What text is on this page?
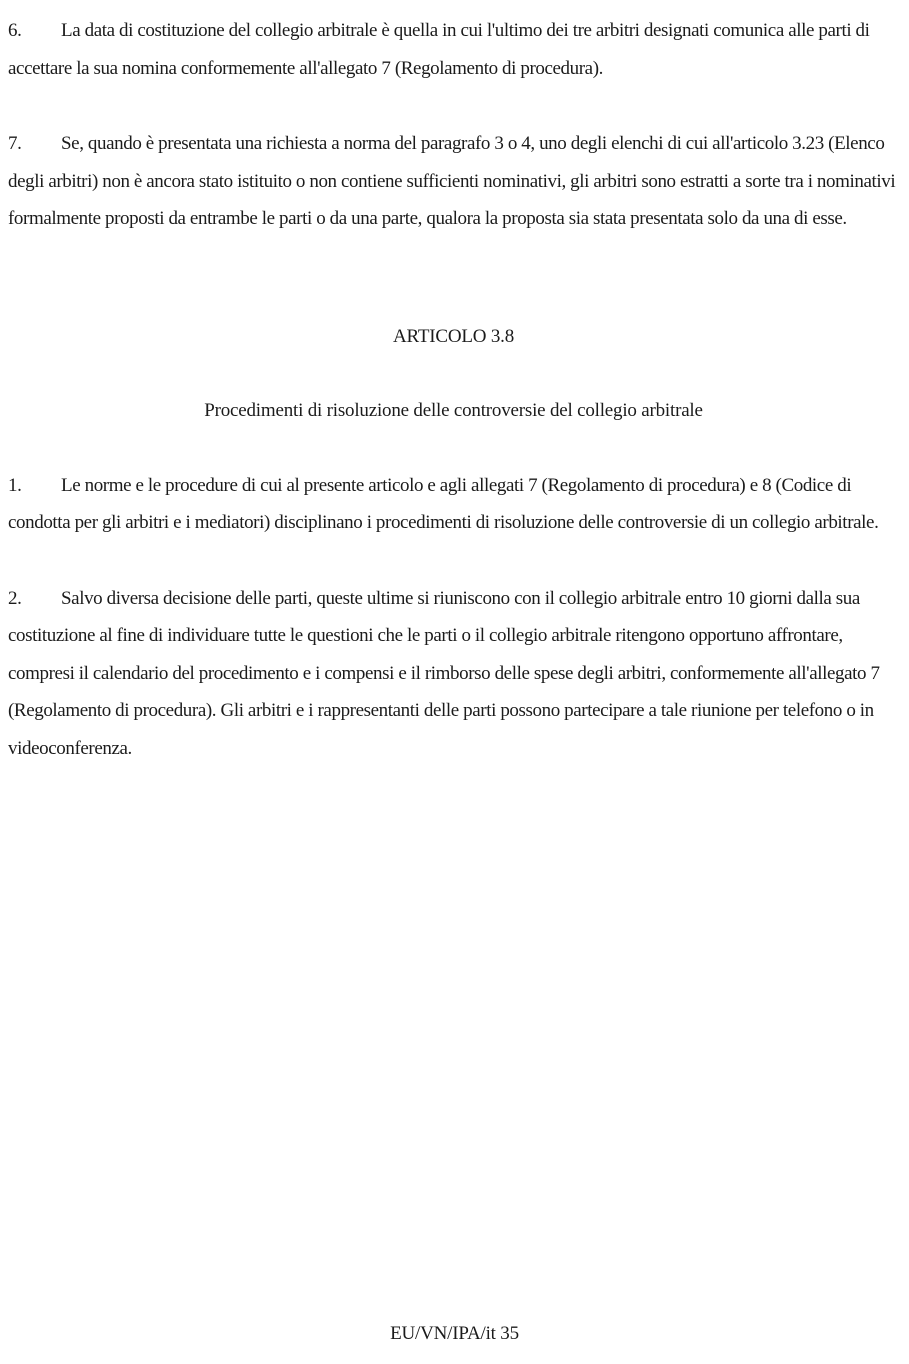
6. La data di costituzione del collegio arbitrale è quella in cui l'ultimo dei tre arbitri designati comunica alle parti di accettare la sua nomina conformemente all'allegato 7 (Regolamento di procedura).

7. Se, quando è presentata una richiesta a norma del paragrafo 3 o 4, uno degli elenchi di cui all'articolo 3.23 (Elenco degli arbitri) non è ancora stato istituito o non contiene sufficienti nominativi, gli arbitri sono estratti a sorte tra i nominativi formalmente proposti da entrambe le parti o da una parte, qualora la proposta sia stata presentata solo da una di esse.

ARTICOLO 3.8
Procedimenti di risoluzione delle controversie del collegio arbitrale

1. Le norme e le procedure di cui al presente articolo e agli allegati 7 (Regolamento di procedura) e 8 (Codice di condotta per gli arbitri e i mediatori) disciplinano i procedimenti di risoluzione delle controversie di un collegio arbitrale.

2. Salvo diversa decisione delle parti, queste ultime si riuniscono con il collegio arbitrale entro 10 giorni dalla sua costituzione al fine di individuare tutte le questioni che le parti o il collegio arbitrale ritengono opportuno affrontare, compresi il calendario del procedimento e i compensi e il rimborso delle spese degli arbitri, conformemente all'allegato 7 (Regolamento di procedura). Gli arbitri e i rappresentanti delle parti possono partecipare a tale riunione per telefono o in videoconferenza.

EU/VN/IPA/it 35
